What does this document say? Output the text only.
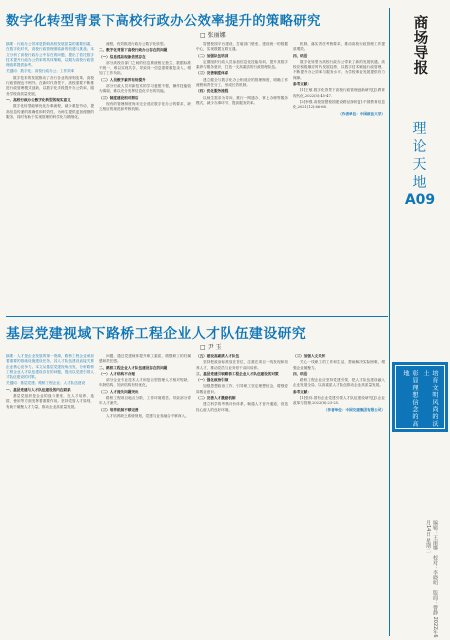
数字化转型背景下高校行政办公效率提升的策略研究
□ 张丽娜

摘要：行政办公效率是影响高校发展质量的重要因素，在数字化时代，高校行政管理面临新的机遇与挑战。本文分析了高校行政办公中存在的问题，提出了依托数字技术提升行政办公效率的具体策略，以期为高校行政管理改革提供参考。

关键词：数字化；高校行政办公；工作效率

数字技术的发展推动了各行各业的深刻变革，高校行政管理也不例外。在新时代背景下，高校需要不断推进行政管理模式创新，以数字化手段提升办公效率，服务学校高质量发展。

一、高校行政办公数字化转型的现实意义

数字化转型能够优化办事流程，减少重复劳动，提高信息传递的准确性和时效性，为师生提供更加便捷的服务，同时有助于实现管理的科学化与精细化。

流程，有效推进行政办公数字化转型。

二、数字化背景下高校行政办公存在的问题

（一）信息孤岛现象依然存在

部分高校各部门之间的信息系统相互独立，数据标准不统一，难以实现共享，导致同一信息需要重复录入，增加了工作负担。

（二）人员数字素养有待提升

部分行政人员对新技术的学习意愿不强，操作技能较为薄弱，难以充分发挥信息化平台的功能。

（三）制度建设相对滞后

现有的管理制度尚未完全适应数字化办公的要求，缺乏相应的规范和考核机制。

智慧校园平台建设，打破部门壁垒，建设统一的数据中心，实现数据互联互通。

（二）加强队伍培训

定期组织行政人员参加信息化技能培训，提升其数字素养与服务意识，打造一支高素质的行政管理队伍。

（三）完善制度体系

建立健全与数字化办公相适应的管理制度，明确工作流程和责任分工，形成长效机制。

（四）优化服务流程

以师生需求为导向，推行一网通办、掌上办理等服务模式，减少办事环节，提高服务效率。

机制，落实责任考核要求，推动高校行政管理工作提质增效。

四、结语

数字化转型为高校行政办公带来了新的发展机遇。高校应积极顺应时代发展趋势，以数字技术赋能行政管理，不断提升办公效率与服务水平，为学校事业发展提供有力保障。

参考文献：

[1]王敏.数字化背景下高校行政管理创新研究[J].教育现代化,2022(5):45-47.

[2]李强.高校智慧校园建设路径探析[J].中国教育信息化,2021(12):66-68.

（作者单位：中国政法大学）

基层党建视域下路桥工程企业人才队伍建设研究
□ 尹 玉

摘要：人才是企业发展的第一资源，路桥工程企业承担着重要的基础设施建设任务，其人才队伍建设直接关系企业核心竞争力。本文从基层党建视角出发，分析路桥工程企业人才队伍建设存在的问题，提出以党建引领人才队伍建设的对策。

关键词：基层党建；路桥工程企业；人才队伍建设

一、基层党建与人才队伍建设的内在联系

基层党组织是企业的战斗堡垒，在人才培养、选拔、使用等方面发挥着重要作用。坚持党管人才原则，有助于凝聚人才力量，推动企业高质量发展。

问题，通过党建载体提升职工素质，增强职工的归属感和责任感。

二、路桥工程企业人才队伍建设存在的问题

（一）人才结构不合理

部分企业专业技术人才和复合型管理人才相对短缺，年龄结构、知识结构有待优化。

（二）人才流失问题突出

路桥工程项目地点分散、工作环境艰苦，导致部分青年人才流失。

（三）培养机制不够完善

人才培养缺乏系统规划，党建与业务融合不够深入。

（五）建设高素质人才队伍

坚持把政治标准放在首位，注重在项目一线发现和培养人才，推动党员与业务骨干双向培养。

三、基层党建引领路桥工程企业人才队伍建设的对策

（一）强化政治引领

加强思想政治工作，引导职工坚定理想信念，增强爱岗敬业意识。

（二）完善人才激励机制

建立科学的考核评价体系，畅通人才晋升通道，营造拴心留人的良好环境。

（三）加强人文关怀

关心一线职工的工作和生活，帮助解决实际困难，增强企业凝聚力。

四、结语

路桥工程企业应坚持党建引领，把人才队伍建设融入企业发展全局，以高素质人才队伍推动企业高质量发展。

参考文献：

[1]张伟.国有企业党建引领人才队伍建设研究[J].企业改革与管理,2022(8):23-25.

（作者单位：中国交建集团有限公司）

商
场
导
报
理
论
天
地
A09
培育文明风尚的沃土
彰显理想信念的高地
编辑：王丽娜　校对：李晓明　版面：曹静 2022年6月14日 星期二
